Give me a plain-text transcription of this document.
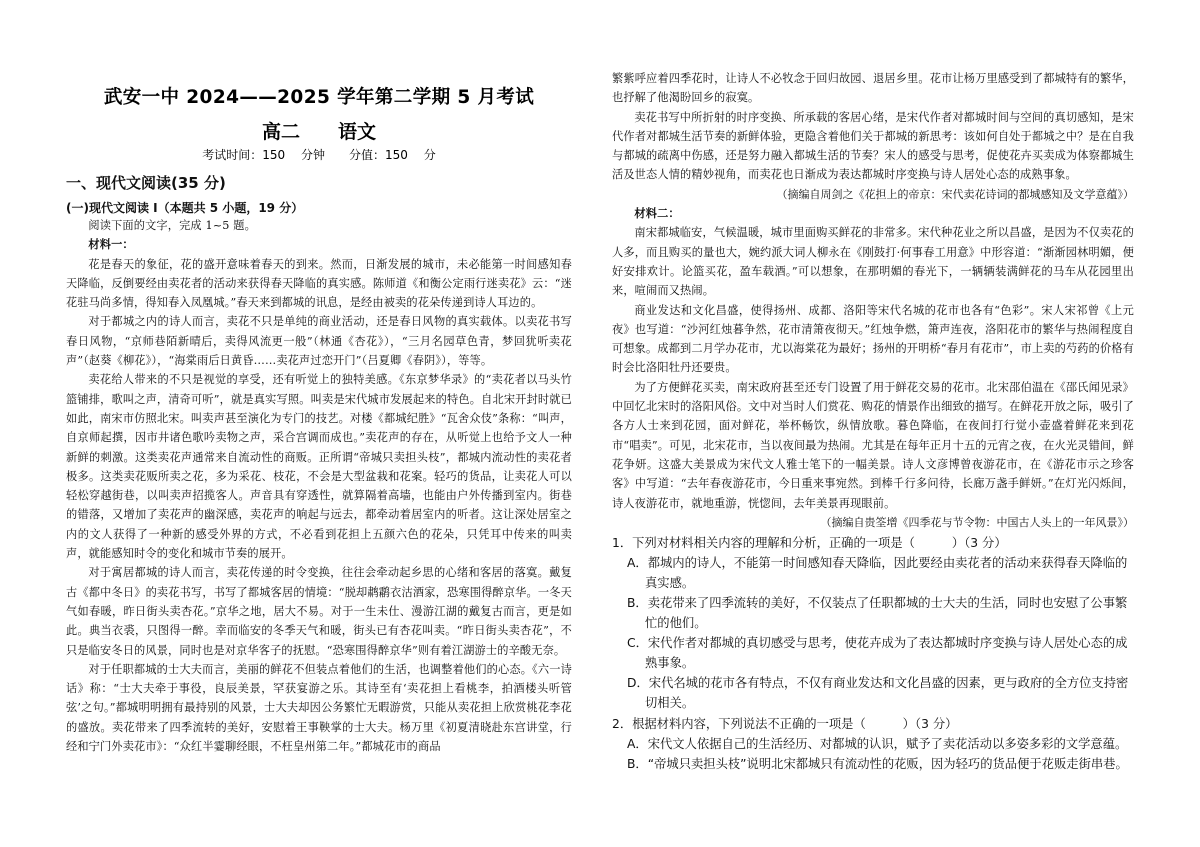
武安一中 2024——2025 学年第二学期 5 月考试
高二　　语文
考试时间：150 分钟　　分值：150 分
一、现代文阅读(35 分)
(一)现代文阅读 I（本题共 5 小题，19 分）

阅读下面的文字，完成 1~5 题。

材料一：

花是春天的象征，花的盛开意味着春天的到来。然而，日渐发展的城市，未必能第一时间感知春天降临，反倒要经由卖花者的活动来获得春天降临的真实感。陈师道《和衡公定雨行迷卖花》云：“迷花驻马尚多情，得知春入凤凰城。”春天来到都城的讯息，是经由被卖的花朵传递到诗人耳边的。

对于都城之内的诗人而言，卖花不只是单纯的商业活动，还是春日风物的真实载体。以卖花书写春日风物，“京师巷陌新晴后，卖得风流更一般”（林通《杏花》），“三月名园草色青，梦回犹听卖花声”（赵葵《柳花》），“海棠雨后日黄昏……卖花声过恋开门”（吕夏卿《春阴》），等等。

卖花给人带来的不只是视觉的享受，还有听觉上的独特美感。《东京梦华录》的“卖花者以马头竹篮铺排，歌叫之声，清奇可听”，就是真实写照。叫卖是宋代城市发展起来的特色。自北宋开封时就已如此，南宋市仿照北宋。叫卖声甚至演化为专门的技艺。对楼《都城纪胜》“瓦舍众伎”条称：“叫声，自京师起撰，因市井诸色歌吟卖物之声，采合宫调而成也。”卖花声的存在，从听觉上也给予文人一种新鲜的刺激。这类卖花声通常来自流动性的商贩。正所谓“帝城只卖担头枝”，都城内流动性的卖花者极多。这类卖花贩所卖之花，多为采花、枝花，不会是大型盆栽和花案。轻巧的货品，让卖花人可以轻松穿越街巷，以叫卖声招揽客人。声音具有穿透性，就算隔着高墙，也能由户外传播到室内。街巷的错落，又增加了卖花声的幽深感，卖花声的响起与远去，都牵动着居室内的听者。这让深处居室之内的文人获得了一种新的感受外界的方式，不必看到花担上五颜六色的花朵，只凭耳中传来的叫卖声，就能感知时令的变化和城市节奏的展开。

对于寓居都城的诗人而言，卖花传递的时令变换，往往会牵动起乡思的心绪和客居的落寞。戴复古《都中冬日》的卖花书写，书写了都城客居的情境：“脱却鹔鹴衣沽酒家，恐寒围得醉京华。一冬天气如春暖，昨日街头卖杏花。”京华之地，居大不易。对于一生未仕、漫游江湖的戴复古而言，更是如此。典当衣裘，只图得一醉。幸而临安的冬季天气和暖，街头已有杏花叫卖。“昨日街头卖杏花”，不只是临安冬日的风景，同时也是对京华客子的抚慰。“恐寒围得醉京华”则有着江湖游士的辛酸无奈。

对于任职都城的士大夫而言，美丽的鲜花不但装点着他们的生活，也调整着他们的心态。《六一诗话》称：“士大夫牵于事役，良辰美景，罕获宴游之乐。其诗至有‘卖花担上看桃李，拍酒楼头听管弦’之句。”都城明明拥有最持别的风景，士大夫却因公务繁忙无暇游赏，只能从卖花担上欣赏桃花李花的盛放。卖花带来了四季流转的美好，安慰着王事鞅掌的士大夫。杨万里《初夏清晓赴东宫讲堂，行经和宁门外卖花市》：“众红半霎聊经眼，不枉皇州第二年。”都城花市的商品

繁紫呼应着四季花时，让诗人不必牧念于回归故园、退居乡里。花市让杨万里感受到了都城特有的繁华，也抒解了他渴盼回乡的寂寞。

卖花书写中所折射的时序变换、所承载的客居心绪，是宋代作者对都城时间与空间的真切感知，是宋代作者对都城生活节奏的新鲜体验，更隐含着他们关于都城的新思考：该如何自处于都城之中？是在自我与都城的疏离中伤感，还是努力融入都城生活的节奏？宋人的感受与思考，促使花卉买卖成为体察都城生活及世态人情的精妙视角，而卖花也日渐成为表达都城时序变换与诗人居处心态的成熟事象。

（摘编自周剑之《花担上的帝京：宋代卖花诗词的都城感知及文学意蕴》）

材料二：

南宋都城临安，气候温暖，城市里面购买鲜花的非常多。宋代种花业之所以昌盛，是因为不仅卖花的人多，而且购买的量也大，婉约派大词人柳永在《刚鼓打·何事春工用意》中形容道：“渐渐园林明媚，便好安排欢计。论篮买花，盈车载酒。”可以想象，在那明媚的春光下，一辆辆装满鲜花的马车从花园里出来，喧闹而又热闹。

商业发达和文化昌盛，使得扬州、成都、洛阳等宋代名城的花市也各有“色彩”。宋人宋祁曾《上元夜》也写道：“沙河红烛暮争然，花市清箫夜彻天。”红烛争燃，箫声连夜，洛阳花市的繁华与热闹程度自可想象。成都到二月学办花市，尤以海棠花为最好；扬州的开明桥“春月有花市”，市上卖的芍药的价格有时会比洛阳牡丹还要贵。

为了方便鲜花买卖，南宋政府甚至还专门设置了用于鲜花交易的花市。北宋邵伯温在《邵氏闻见录》中回忆北宋时的洛阳风俗。文中对当时人们赏花、购花的情景作出细致的描写。在鲜花开放之际，吸引了各方人士来到花园，面对鲜花，举杯畅饮，纵情放歌。暮色降临，在夜间打行觉小壶盛着鲜花来到花市“唱卖”。可见，北宋花市，当以夜间最为热闹。尤其是在每年正月十五的元宵之夜，在火光灵错间，鲜花争妍。这盛大美景成为宋代文人雅士笔下的一幅美景。诗人文彦博曾夜游花市，在《游花市示之珍客客》中写道：“去年春夜游花市，今日重来事宛然。到棒千行多问待，长廊万盏手鲜妍。”在灯光闪烁间，诗人夜游花市，就地重游，恍惚间，去年美景再现眼前。

（摘编自贵筌增《四季花与节令物：中国古人头上的一年风景》）

1．下列对材料相关内容的理解和分析，正确的一项是（　　　）（3 分）

A．都城内的诗人，不能第一时间感知春天降临，因此要经由卖花者的活动来获得春天降临的真实感。

B．卖花带来了四季流转的美好，不仅装点了任职都城的士大夫的生活，同时也安慰了公事繁忙的他们。

C．宋代作者对都城的真切感受与思考，使花卉成为了表达都城时序变换与诗人居处心态的成熟事象。

D．宋代名城的花市各有特点，不仅有商业发达和文化昌盛的因素，更与政府的全方位支持密切相关。

2．根据材料内容，下列说法不正确的一项是（　　　）（3 分）

A．宋代文人依据自己的生活经历、对都城的认识，赋予了卖花活动以多姿多彩的文学意蕴。

B．“帝城只卖担头枝”说明北宋都城只有流动性的花贩，因为轻巧的货品便于花贩走街串巷。
